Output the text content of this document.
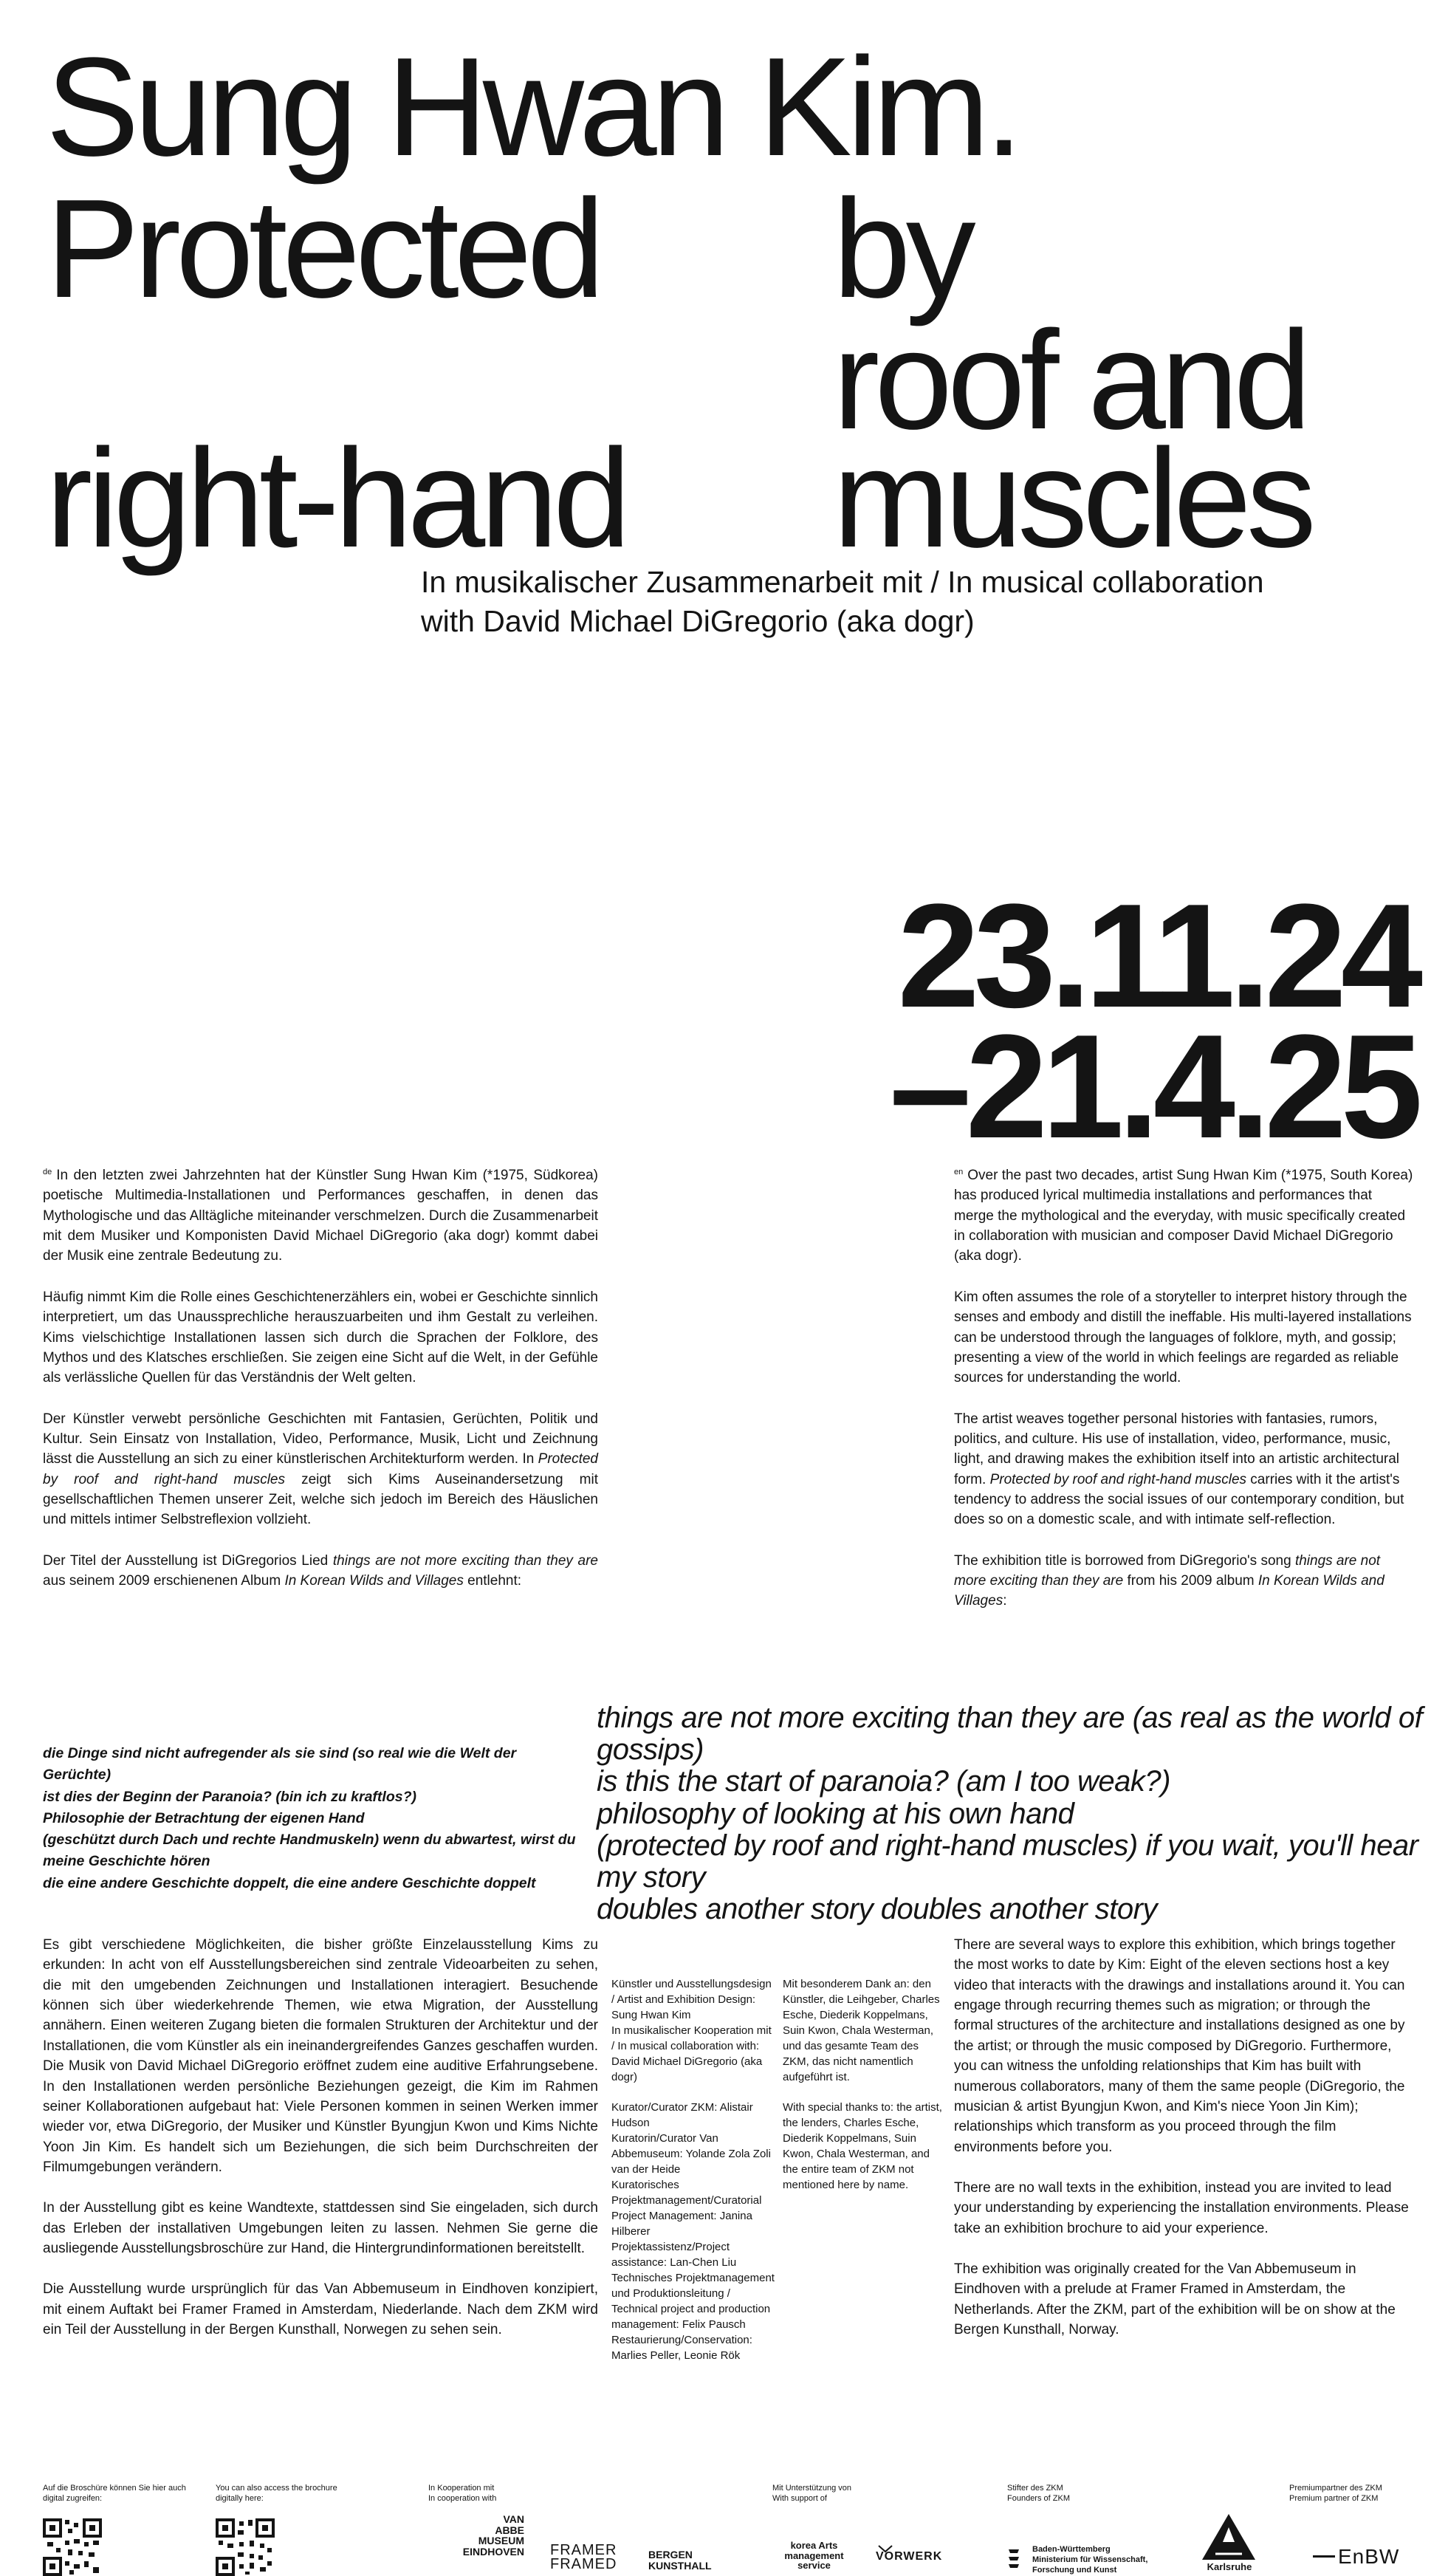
Sung Hwan Kim.
Protected by
roof and
right-hand muscles
In musikalischer Zusammenarbeit mit / In musical collaboration
with David Michael DiGregorio (aka dogr)
23.11.24
–21.4.25

$^{de}$ In den letzten zwei Jahrzehnten hat der Künstler Sung Hwan Kim (*1975, Südkorea) poetische Multimedia-Installationen und Performances geschaffen, in denen das Mythologische und das Alltägliche miteinander verschmelzen. Durch die Zusammenarbeit mit dem Musiker und Komponisten David Michael DiGregorio (aka dogr) kommt dabei der Musik eine zentrale Bedeutung zu.

Häufig nimmt Kim die Rolle eines Geschichtenerzählers ein, wobei er Geschichte sinnlich interpretiert, um das Unaussprechliche herauszuarbeiten und ihm Gestalt zu verleihen. Kims vielschichtige Installationen lassen sich durch die Sprachen der Folklore, des Mythos und des Klatsches erschließen. Sie zeigen eine Sicht auf die Welt, in der Gefühle als verlässliche Quellen für das Verständnis der Welt gelten.

Der Künstler verwebt persönliche Geschichten mit Fantasien, Gerüchten, Politik und Kultur. Sein Einsatz von Installation, Video, Performance, Musik, Licht und Zeichnung lässt die Ausstellung an sich zu einer künstlerischen Architekturform werden. In Protected by roof and right-hand muscles zeigt sich Kims Auseinandersetzung mit gesellschaftlichen Themen unserer Zeit, welche sich jedoch im Bereich des Häuslichen und mittels intimer Selbstreflexion vollzieht.

Der Titel der Ausstellung ist DiGregorios Lied things are not more exciting than they are aus seinem 2009 erschienenen Album In Korean Wilds and Villages entlehnt:

die Dinge sind nicht aufregender als sie sind (so real wie die Welt der Gerüchte)
ist dies der Beginn der Paranoia? (bin ich zu kraftlos?)
Philosophie der Betrachtung der eigenen Hand
(geschützt durch Dach und rechte Handmuskeln) wenn du abwartest, wirst du meine Geschichte hören
die eine andere Geschichte doppelt, die eine andere Geschichte doppelt

$^{en}$ Over the past two decades, artist Sung Hwan Kim (*1975, South Korea) has produced lyrical multimedia installations and performances that merge the mythological and the everyday, with music specifically created in collaboration with musician and composer David Michael DiGregorio (aka dogr).

Kim often assumes the role of a storyteller to interpret history through the senses and embody and distill the ineffable. His multi-layered installations can be understood through the languages of folklore, myth, and gossip; presenting a view of the world in which feelings are regarded as reliable sources for understanding the world.

The artist weaves together personal histories with fantasies, rumors, politics, and culture. His use of installation, video, performance, music, light, and drawing makes the exhibition itself into an artistic architectural form. Protected by roof and right-hand muscles carries with it the artist's tendency to address the social issues of our contemporary condition, but does so on a domestic scale, and with intimate self-reflection.

The exhibition title is borrowed from DiGregorio's song things are not more exciting than they are from his 2009 album In Korean Wilds and Villages:

things are not more exciting than they are (as real as the world of gossips)
is this the start of paranoia? (am I too weak?)
philosophy of looking at his own hand
(protected by roof and right-hand muscles) if you wait, you'll hear my story
doubles another story doubles another story

Es gibt verschiedene Möglichkeiten, die bisher größte Einzelausstellung Kims zu erkunden: In acht von elf Ausstellungsbereichen sind zentrale Videoarbeiten zu sehen, die mit den umgebenden Zeichnungen und Installationen interagiert. Besuchende können sich über wiederkehrende Themen, wie etwa Migration, der Ausstellung annähern. Einen weiteren Zugang bieten die formalen Strukturen der Architektur und der Installationen, die vom Künstler als ein ineinandergreifendes Ganzes geschaffen wurden. Die Musik von David Michael DiGregorio eröffnet zudem eine auditive Erfahrungsebene. In den Installationen werden persönliche Beziehungen gezeigt, die Kim im Rahmen seiner Kollaborationen aufgebaut hat: Viele Personen kommen in seinen Werken immer wieder vor, etwa DiGregorio, der Musiker und Künstler Byungjun Kwon und Kims Nichte Yoon Jin Kim. Es handelt sich um Beziehungen, die sich beim Durchschreiten der Filmumgebungen verändern.

In der Ausstellung gibt es keine Wandtexte, stattdessen sind Sie eingeladen, sich durch das Erleben der installativen Umgebungen leiten zu lassen. Nehmen Sie gerne die ausliegende Ausstellungsbroschüre zur Hand, die Hintergrundinformationen bereitstellt.

Die Ausstellung wurde ursprünglich für das Van Abbemuseum in Eindhoven konzipiert, mit einem Auftakt bei Framer Framed in Amsterdam, Niederlande. Nach dem ZKM wird ein Teil der Ausstellung in der Bergen Kunsthall, Norwegen zu sehen sein.

Künstler und Ausstellungsdesign / Artist and Exhibition Design: Sung Hwan Kim
In musikalischer Kooperation mit / In musical collaboration with: David Michael DiGregorio (aka dogr)

Kurator/Curator ZKM: Alistair Hudson
Kuratorin/Curator Van Abbemuseum: Yolande Zola Zoli van der Heide
Kuratorisches Projektmanagement/Curatorial Project Management: Janina Hilberer
Projektassistenz/Project assistance: Lan-Chen Liu
Technisches Projektmanagement und Produktionsleitung / Technical project and production management: Felix Pausch
Restaurierung/Conservation: Marlies Peller, Leonie Rök

Mit besonderem Dank an: den Künstler, die Leihgeber, Charles Esche, Diederik Koppelmans, Suin Kwon, Chala Westerman, und das gesamte Team des ZKM, das nicht namentlich aufgeführt ist.

With special thanks to: the artist, the lenders, Charles Esche, Diederik Koppelmans, Suin Kwon, Chala Westerman, and the entire team of ZKM not mentioned here by name.

There are several ways to explore this exhibition, which brings together the most works to date by Kim: Eight of the eleven sections host a key video that interacts with the drawings and installations around it. You can engage through recurring themes such as migration; or through the formal structures of the architecture and installations designed as one by the artist; or through the music composed by DiGregorio. Furthermore, you can witness the unfolding relationships that Kim has built with numerous collaborators, many of them the same people (DiGregorio, the musician & artist Byungjun Kwon, and Kim's niece Yoon Jin Kim); relationships which transform as you proceed through the film environments before you.

There are no wall texts in the exhibition, instead you are invited to lead your understanding by experiencing the installation environments. Please take an exhibition brochure to aid your experience.

The exhibition was originally created for the Van Abbemuseum in Eindhoven with a prelude at Framer Framed in Amsterdam, the Netherlands. After the ZKM, part of the exhibition will be on show at the Bergen Kunsthall, Norway.

Auf die Broschüre können Sie hier auch digital zugreifen:
You can also access the brochure digitally here:
In Kooperation mit
In cooperation with
Mit Unterstützung von
With support of
Stifter des ZKM
Founders of ZKM
Premiumpartner des ZKM
Premium partner of ZKM
VAN
ABBE
MUSEUM
EINDHOVEN FRAMER
FRAMED
BERGEN
KUNSTHALL
korea Arts
management
service
VORWERK
Baden-Württemberg
Ministerium für Wissenschaft,
Forschung und Kunst	Karlsruhe	EnBW
